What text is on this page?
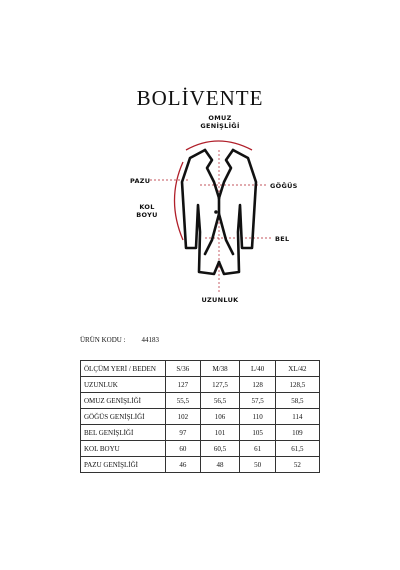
BOLİVENTE
OMUZ
GENİŞLİĞİ
PAZU
GÖĞÜS
KOL
BOYU
BEL
UZUNLUK
ÜRÜN KODU : 44183
ÖLÇÜM YERİ / BEDEN	S/36	M/38	L/40	XL/42
UZUNLUK	127	127,5	128	128,5
OMUZ GENİŞLİĞİ	55,5	56,5	57,5	58,5
GÖĞÜS GENİŞLİĞİ	102	106	110	114
BEL GENİŞLİĞİ	97	101	105	109
KOL BOYU	60	60,5	61	61,5
PAZU GENİŞLİĞİ	46	48	50	52
